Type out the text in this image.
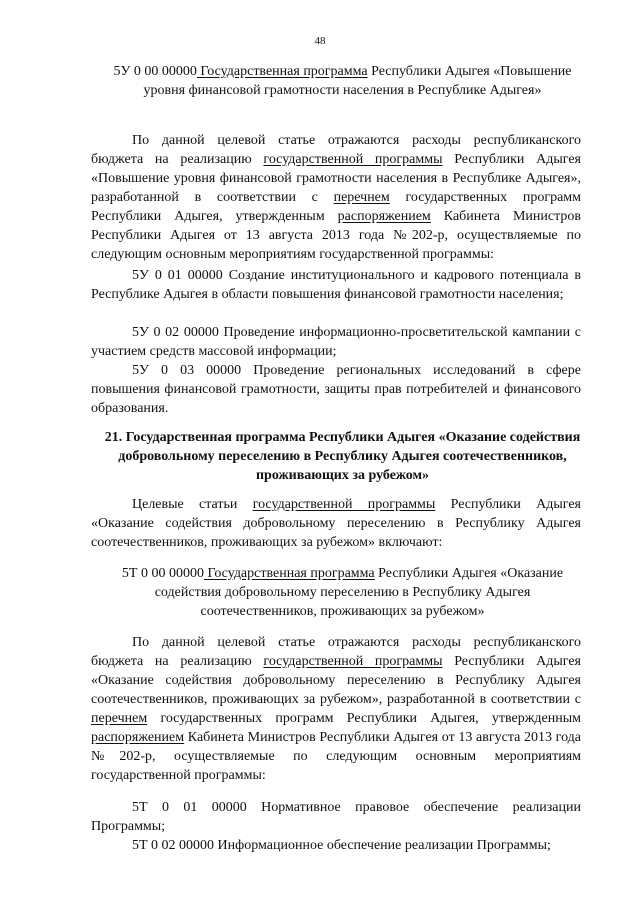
48
5У 0 00 00000 Государственная программа Республики Адыгея «Повышение уровня финансовой грамотности населения в Республике Адыгея»
По данной целевой статье отражаются расходы республиканского бюджета на реализацию государственной программы Республики Адыгея «Повышение уровня финансовой грамотности населения в Республике Адыгея», разработанной в соответствии с перечнем государственных программ Республики Адыгея, утвержденным распоряжением Кабинета Министров Республики Адыгея от 13 августа 2013 года №202-р, осуществляемые по следующим основным мероприятиям государственной программы:
5У 0 01 00000 Создание институционального и кадрового потенциала в Республике Адыгея в области повышения финансовой грамотности населения;
5У 0 02 00000 Проведение информационно-просветительской кампании с участием средств массовой информации;
5У 0 03 00000 Проведение региональных исследований в сфере повышения финансовой грамотности, защиты прав потребителей и финансового образования.
21. Государственная программа Республики Адыгея «Оказание содействия добровольному переселению в Республику Адыгея соотечественников, проживающих за рубежом»
Целевые статьи государственной программы Республики Адыгея «Оказание содействия добровольному переселению в Республику Адыгея соотечественников, проживающих за рубежом» включают:
5Т 0 00 00000 Государственная программа Республики Адыгея «Оказание содействия добровольному переселению в Республику Адыгея соотечественников, проживающих за рубежом»
По данной целевой статье отражаются расходы республиканского бюджета на реализацию государственной программы Республики Адыгея «Оказание содействия добровольному переселению в Республику Адыгея соотечественников, проживающих за рубежом», разработанной в соответствии с перечнем государственных программ Республики Адыгея, утвержденным распоряжением Кабинета Министров Республики Адыгея от 13 августа 2013 года №202-р, осуществляемые по следующим основным мероприятиям государственной программы:
5Т 0 01 00000 Нормативное правовое обеспечение реализации Программы;
5Т 0 02 00000 Информационное обеспечение реализации Программы;
